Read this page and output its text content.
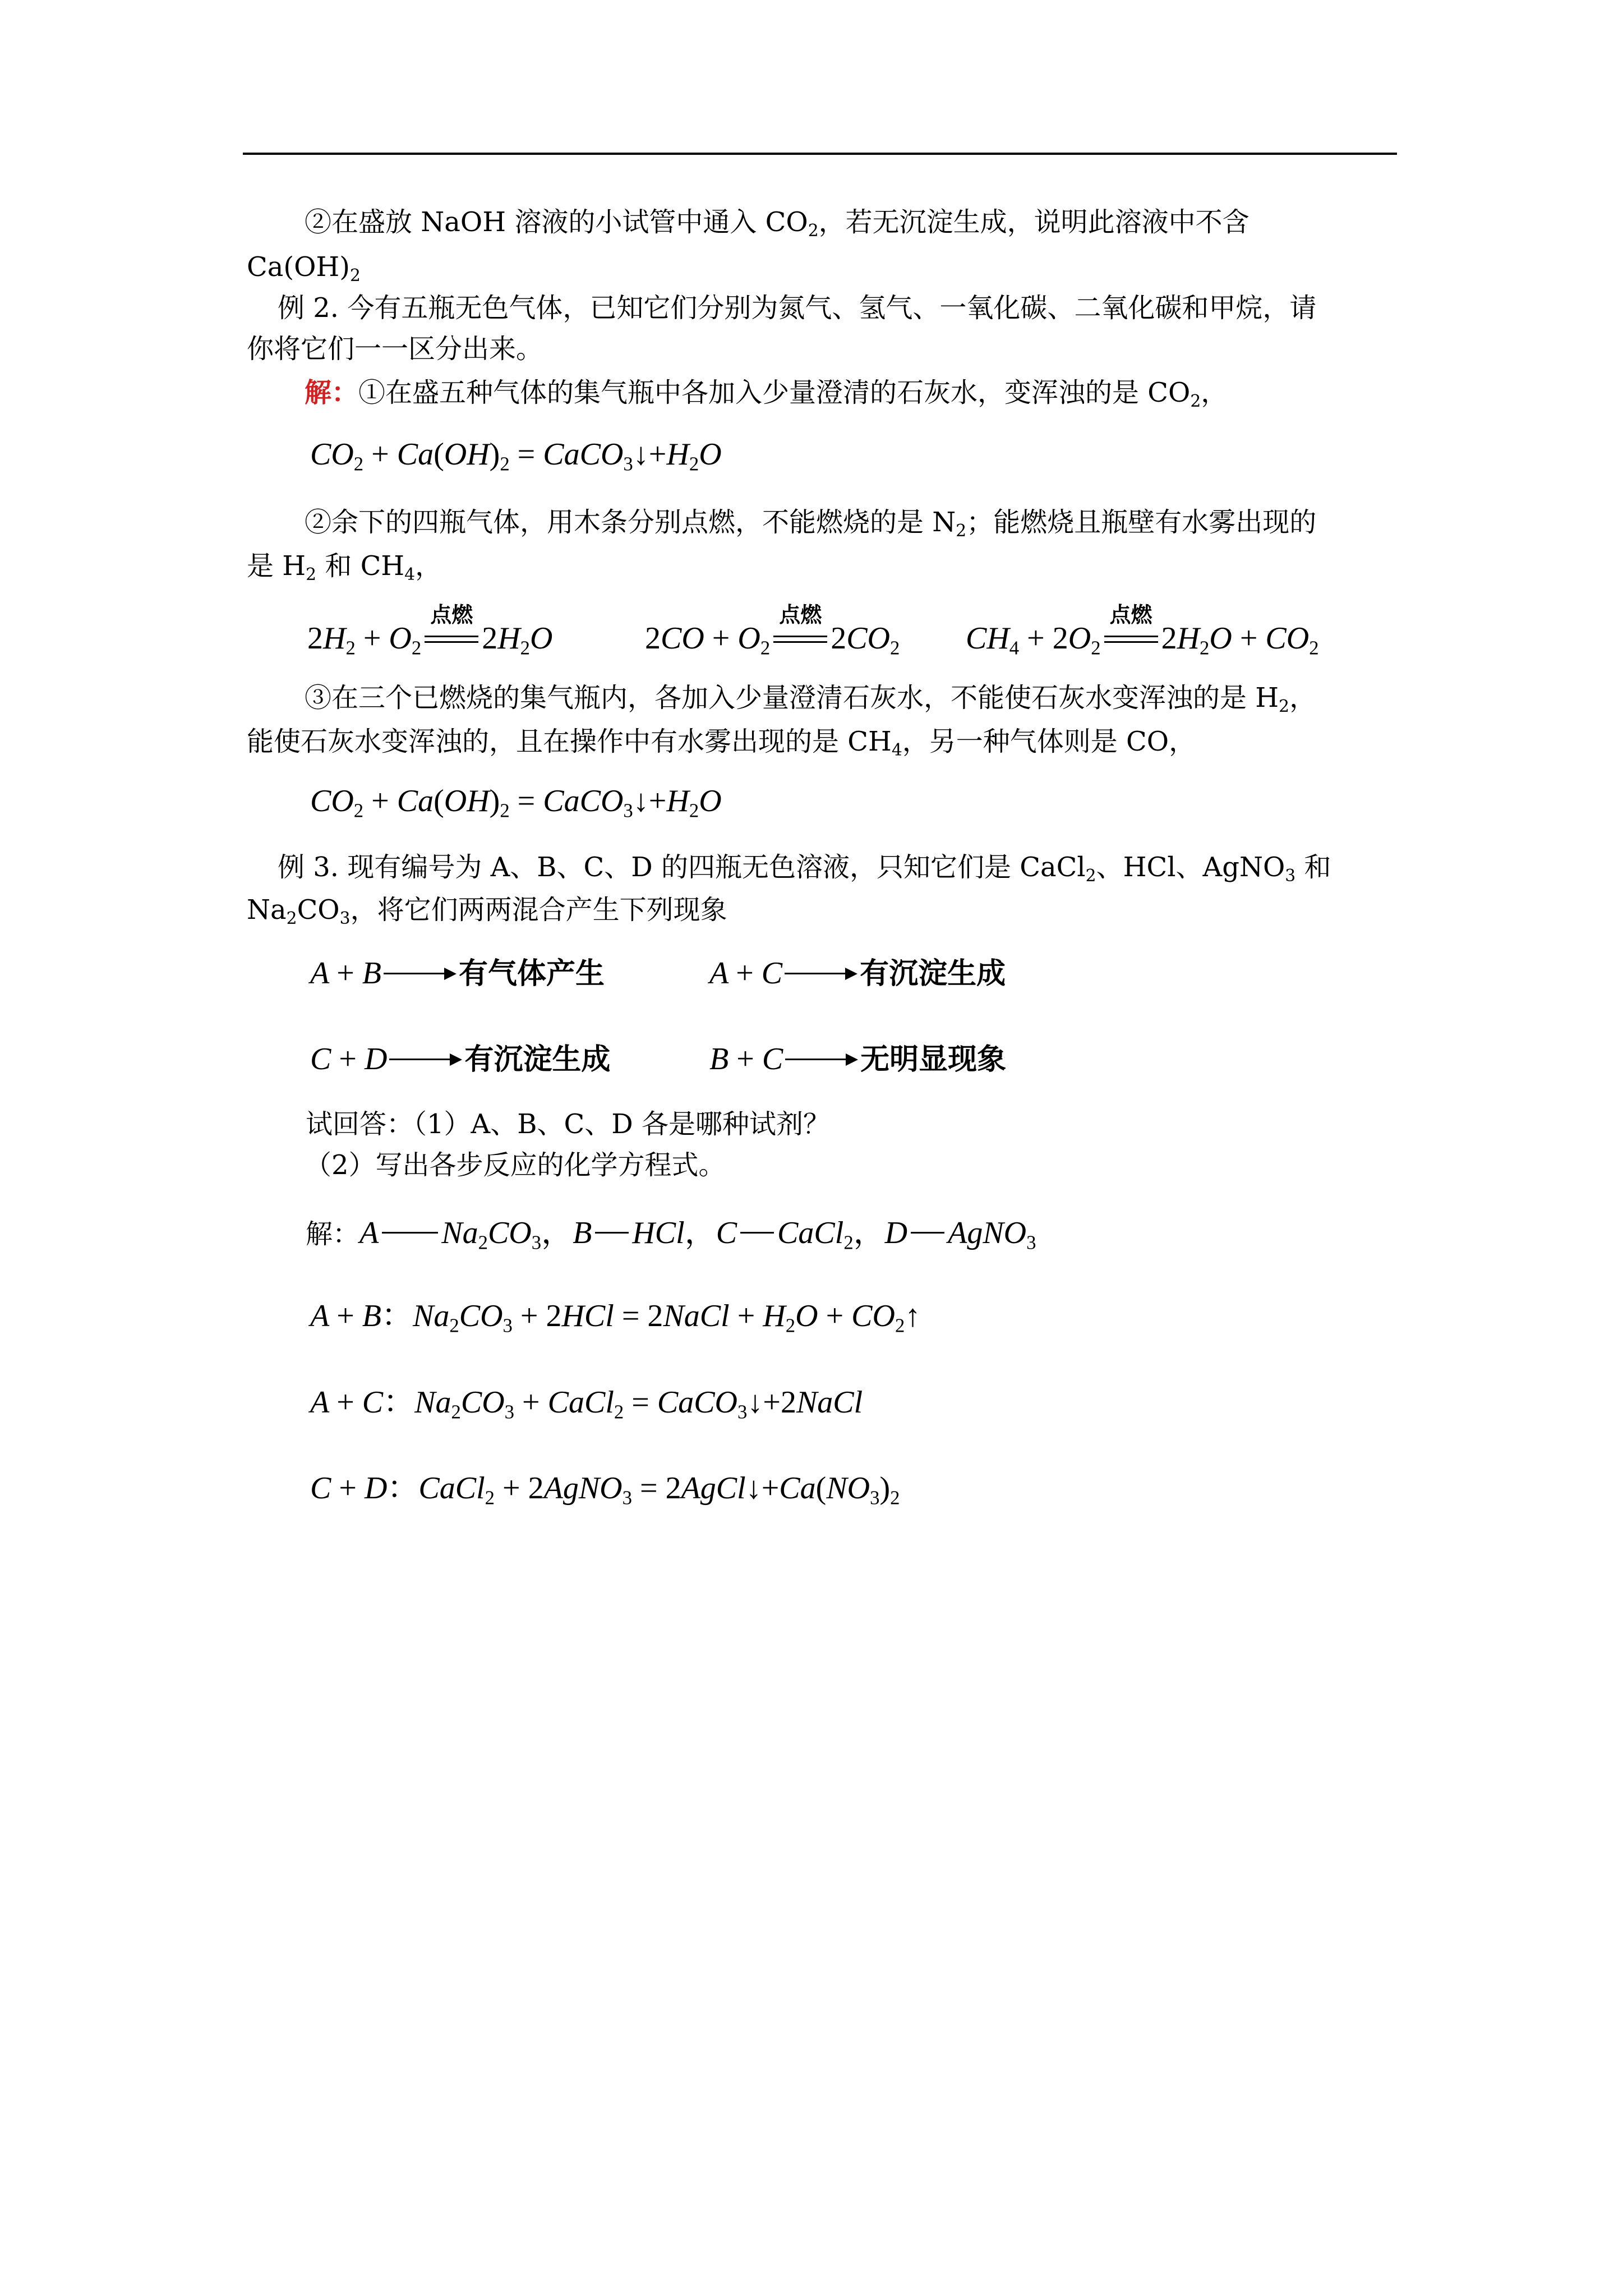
②在盛放 NaOH 溶液的小试管中通入 $CO_2$，若无沉淀生成，说明此溶液中不含
$Ca(OH)_2$
例 2. 今有五瓶无色气体，已知它们分别为氮气、氢气、一氧化碳、二氧化碳和甲烷，请
你将它们一一区分出来。
解：①在盛五种气体的集气瓶中各加入少量澄清的石灰水，变浑浊的是 $CO_2$，
$CO_2 + Ca(OH)_2$ = $CaCO_3↓+H_2O$
②余下的四瓶气体，用木条分别点燃，不能燃烧的是 $N_2$；能燃烧且瓶壁有水雾出现的
是 $H_2$ 和 $CH_4$，
$2H_2 + O_2$
点燃
$2H_2O$	$2CO + O_2$
点燃
$2CO_2$ $CH_4 + 2O_2$
点燃
$2H_2O + CO_2$
③在三个已燃烧的集气瓶内，各加入少量澄清石灰水，不能使石灰水变浑浊的是 $H_2$，
能使石灰水变浑浊的，且在操作中有水雾出现的是 $CH_4$，另一种气体则是 CO，
$CO_2 + Ca(OH)_2$ = $CaCO_3↓+H_2O$
例 3. 现有编号为 A、B、C、D 的四瓶无色溶液，只知它们是 CaCl$_2$、HCl、AgNO$_3$ 和
$Na_2CO_3$，将它们两两混合产生下列现象
A + B	有气体产生	A + C	有沉淀生成
C + D	有沉淀生成	B + C	无明显现象
试回答：（1）A、B、C、D 各是哪种试剂？
（2）写出各步反应的化学方程式。
解：A $Na_2CO_3$，B HCl，C CaCl$_2$，D AgNO$_3$
A + B：$Na_2CO_3 + 2HCl$ = 2NaCl + $H_2O$ + $CO_2↑$
A + C：$Na_2CO_3$ + CaCl$_2$ = CaCO$_3$↓+2NaCl
C + D：CaCl$_2$ + 2AgNO$_3$ = $2AgCl↓+Ca(NO_3)_2$
